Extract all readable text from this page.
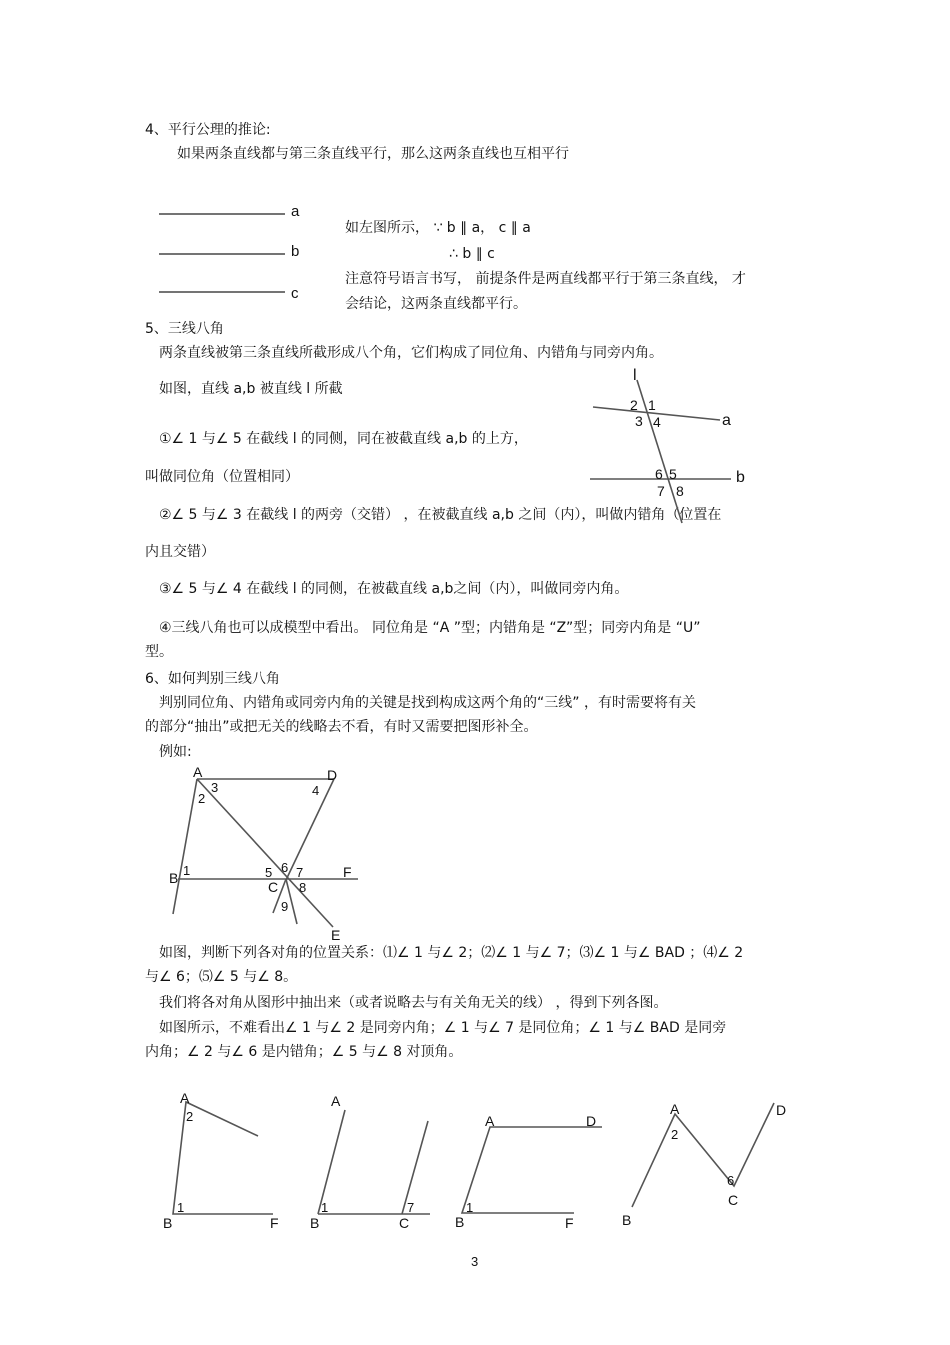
4、平行公理的推论:
如果两条直线都与第三条直线平行，那么这两条直线也互相平行
a
b
c
如左图所示， ∵ b ∥ a， c ∥ a
∴ b ∥ c
注意符号语言书写， 前提条件是两直线都平行于第三条直线， 才
会结论，这两条直线都平行。
5、三线八角
两条直线被第三条直线所截形成八个角，它们构成了同位角、内错角与同旁内角。
如图，直线 a,b 被直线 l 所截
①∠ 1 与∠ 5 在截线 l 的同侧，同在被截直线 a,b 的上方，
叫做同位角（位置相同）
②∠ 5 与∠ 3 在截线 l 的两旁（交错） ，在被截直线 a,b 之间（内），叫做内错角（位置在
内且交错）
③∠ 5 与∠ 4 在截线 l 的同侧，在被截直线 a,b之间（内），叫做同旁内角。
④三线八角也可以成模型中看出。 同位角是 “A ”型；内错角是 “Z”型；同旁内角是 “U”
型。
l
a
b
2 1
3 4
6 5
7 8
6、如何判别三线八角
判别同位角、内错角或同旁内角的关键是找到构成这两个角的“三线” ，有时需要将有关
的部分“抽出”或把无关的线略去不看，有时又需要把图形补全。
例如:
A	D
3
2
4
1
B	5 6 7	F
C 8
9
E
如图，判断下列各对角的位置关系：⑴∠ 1 与∠ 2；⑵∠ 1 与∠ 7；⑶∠ 1 与∠ BAD ；⑷∠ 2
与∠ 6；⑸∠ 5 与∠ 8。
我们将各对角从图形中抽出来（或者说略去与有关角无关的线） ，得到下列各图。
如图所示，不难看出∠ 1 与∠ 2 是同旁内角；∠ 1 与∠ 7 是同位角；∠ 1 与∠ BAD 是同旁
内角；∠ 2 与∠ 6 是内错角；∠ 5 与∠ 8 对顶角。
A
2
1
B	F
A
1	7
B	C
A	D
1
B	F
A
2
D
6
C
B
3
